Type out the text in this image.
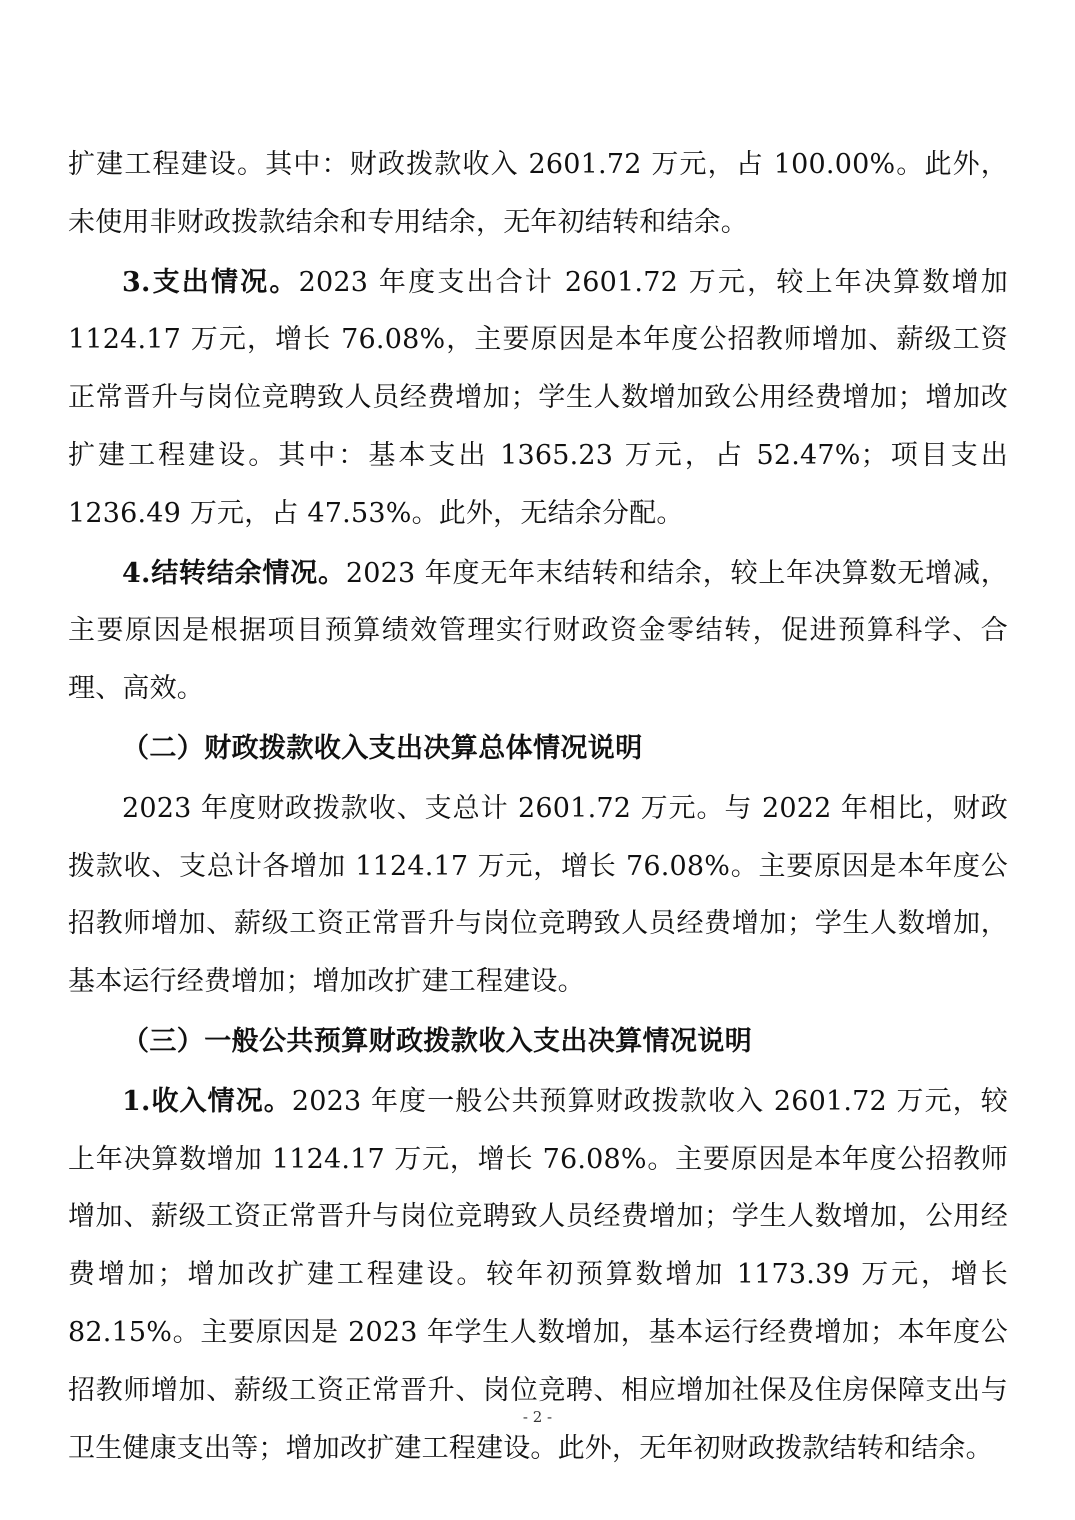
扩建工程建设。其中：财政拨款收入 2601.72 万元，占 100.00%。此外，未使用非财政拨款结余和专用结余，无年初结转和结余。

3.支出情况。2023 年度支出合计 2601.72 万元，较上年决算数增加 1124.17 万元，增长 76.08%，主要原因是本年度公招教师增加、薪级工资正常晋升与岗位竞聘致人员经费增加；学生人数增加致公用经费增加；增加改扩建工程建设。其中：基本支出 1365.23 万元，占 52.47%；项目支出 1236.49 万元，占 47.53%。此外，无结余分配。

4.结转结余情况。2023 年度无年末结转和结余，较上年决算数无增减，主要原因是根据项目预算绩效管理实行财政资金零结转，促进预算科学、合理、高效。

（二）财政拨款收入支出决算总体情况说明

2023 年度财政拨款收、支总计 2601.72 万元。与 2022 年相比，财政拨款收、支总计各增加 1124.17 万元，增长 76.08%。主要原因是本年度公招教师增加、薪级工资正常晋升与岗位竞聘致人员经费增加；学生人数增加，基本运行经费增加；增加改扩建工程建设。

（三）一般公共预算财政拨款收入支出决算情况说明

1.收入情况。2023 年度一般公共预算财政拨款收入 2601.72 万元，较上年决算数增加 1124.17 万元，增长 76.08%。主要原因是本年度公招教师增加、薪级工资正常晋升与岗位竞聘致人员经费增加；学生人数增加，公用经费增加；增加改扩建工程建设。较年初预算数增加 1173.39 万元，增长 82.15%。主要原因是 2023 年学生人数增加，基本运行经费增加；本年度公招教师增加、薪级工资正常晋升、岗位竞聘、相应增加社保及住房保障支出与卫生健康支出等；增加改扩建工程建设。此外，无年初财政拨款结转和结余。

- 2 -
